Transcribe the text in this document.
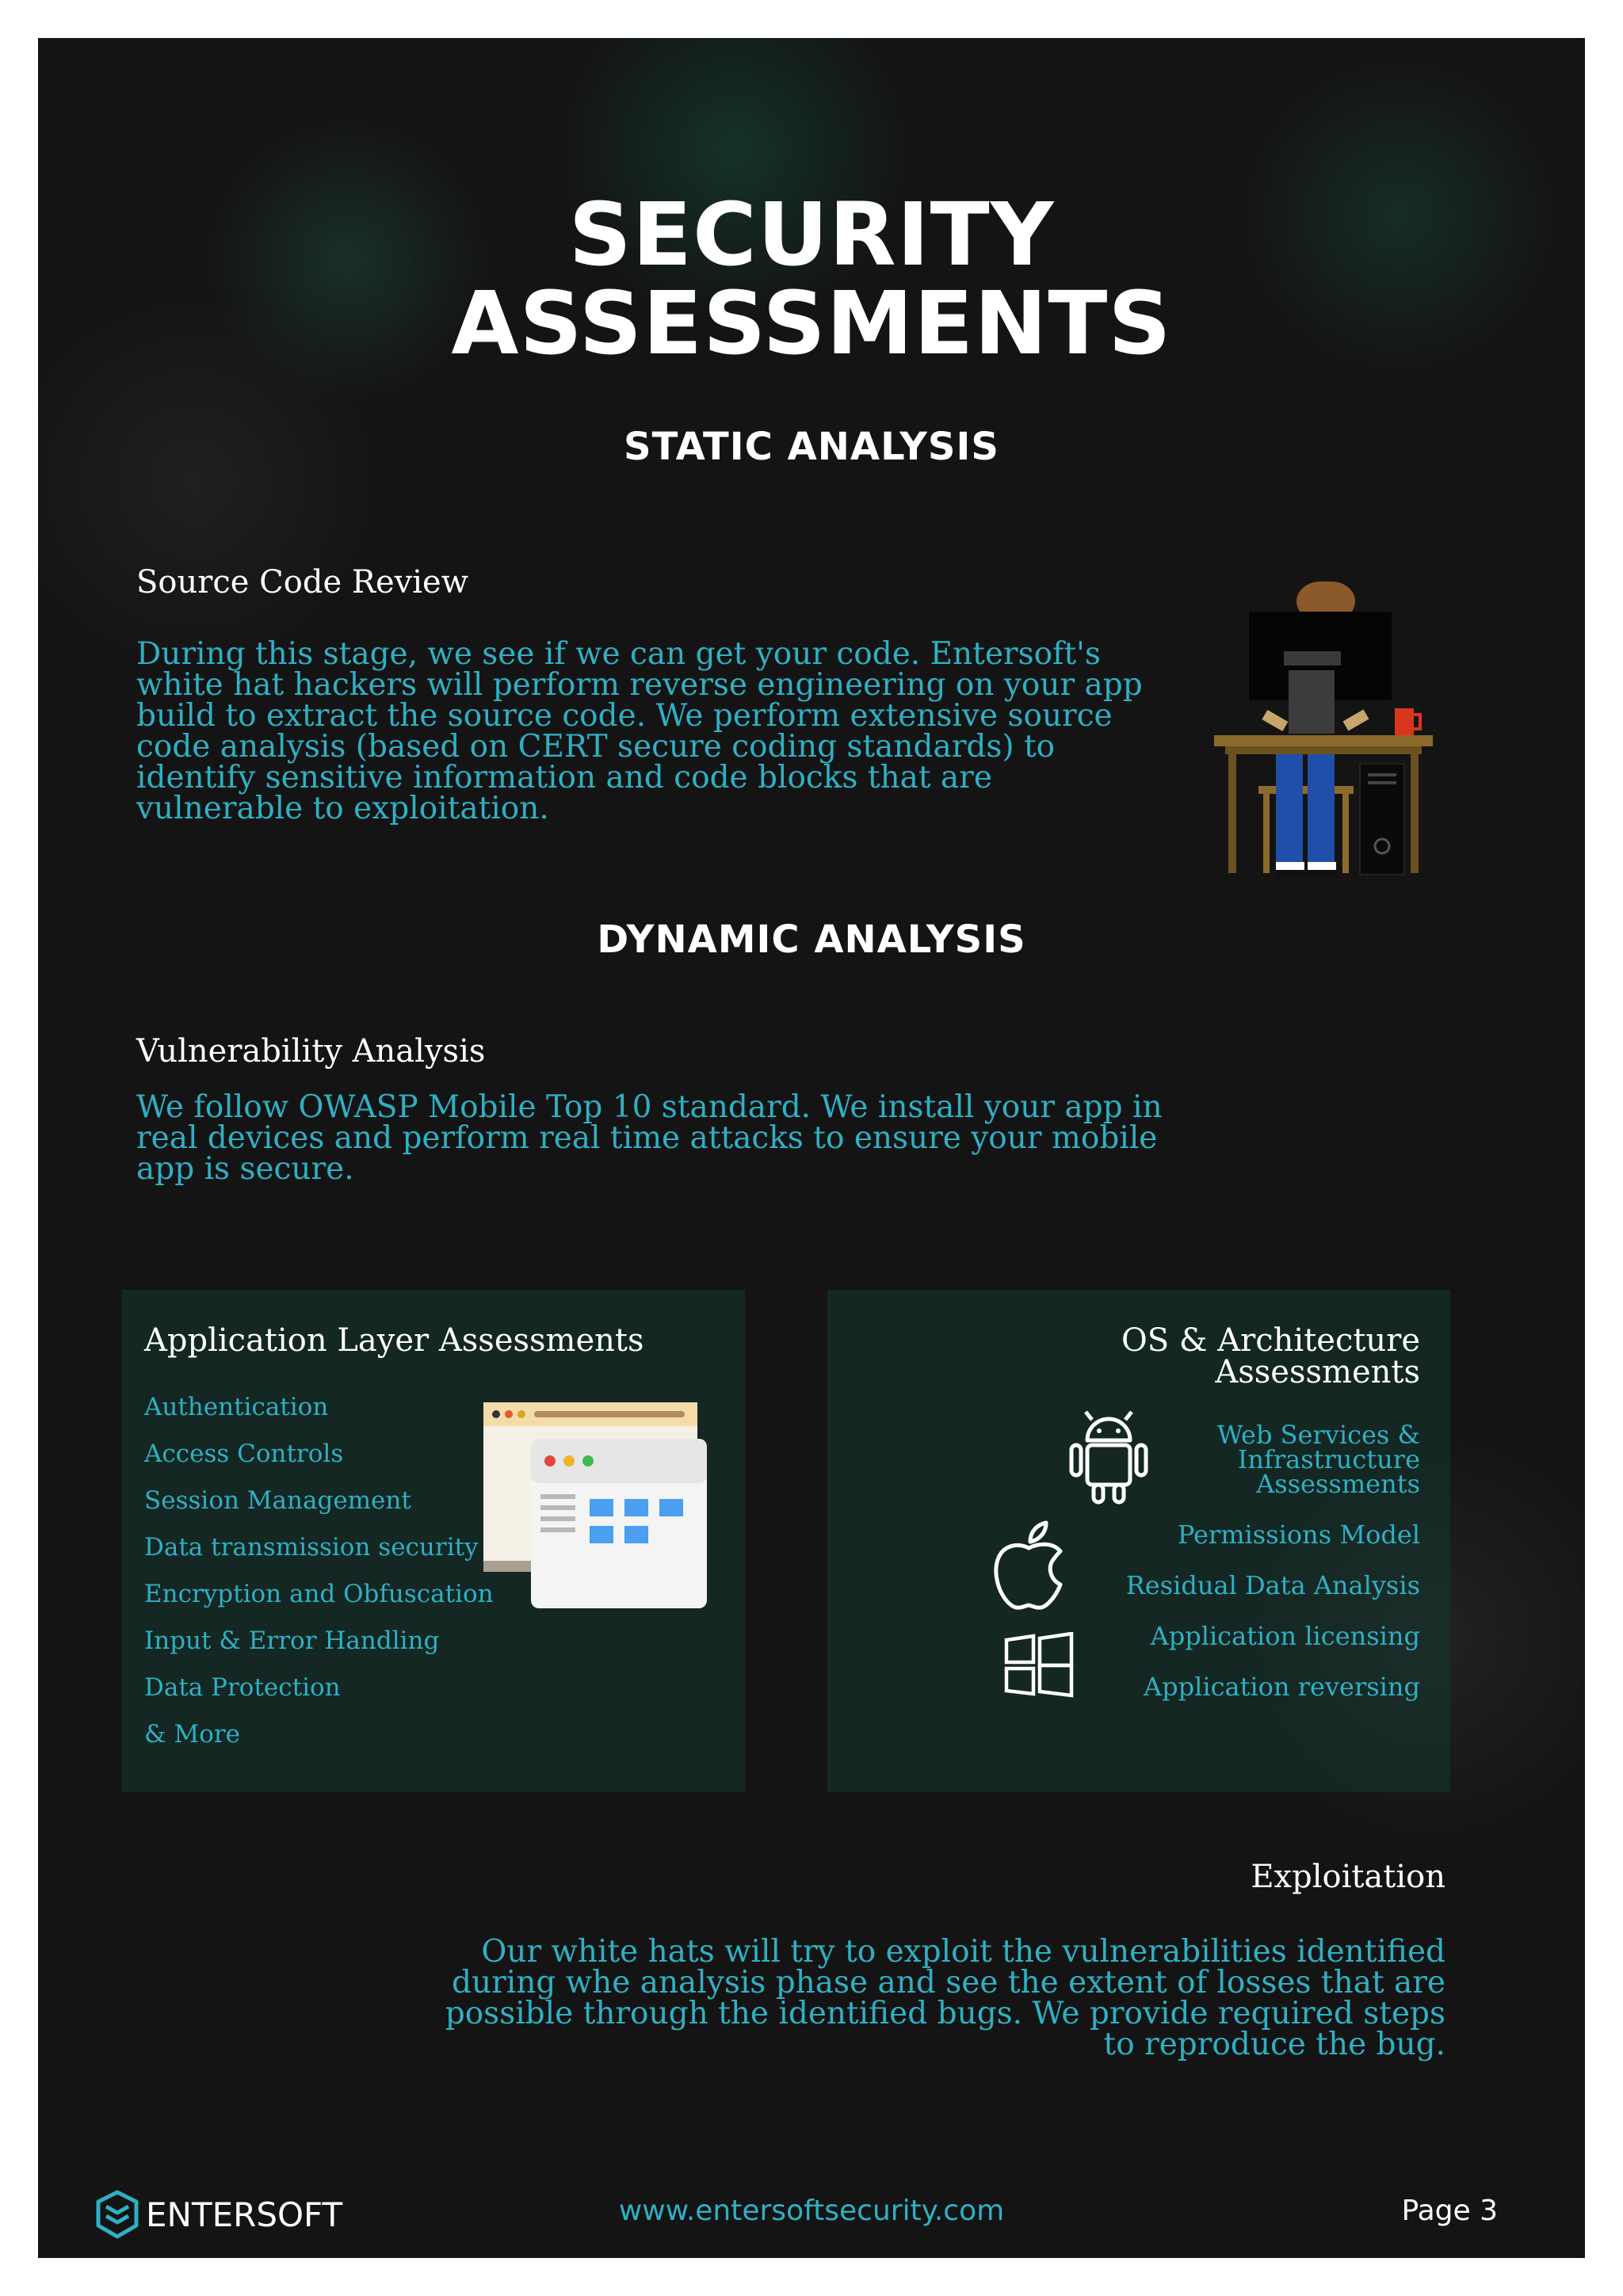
SECURITY
ASSESSMENTS
STATIC ANALYSIS
Source Code Review
During this stage, we see if we can get your code. Entersoft's
white hat hackers will perform reverse engineering on your app
build to extract the source code. We perform extensive source
code analysis (based on CERT secure coding standards) to
identify sensitive information and code blocks that are
vulnerable to exploitation.
DYNAMIC ANALYSIS
Vulnerability Analysis
We follow OWASP Mobile Top 10 standard. We install your app in
real devices and perform real time attacks to ensure your mobile
app is secure.
Application Layer Assessments
Authentication
Access Controls
Session Management
Data transmission security
Encryption and Obfuscation
Input & Error Handling
Data Protection
& More
OS & Architecture
Assessments
Web Services &
Infrastructure
Assessments
Permissions Model
Residual Data Analysis
Application licensing
Application reversing
Exploitation
Our white hats will try to exploit the vulnerabilities identified
during whe analysis phase and see the extent of losses that are
possible through the identified bugs. We provide required steps
to reproduce the bug.
ENTERSOFT	www.entersoftsecurity.com	Page 3
